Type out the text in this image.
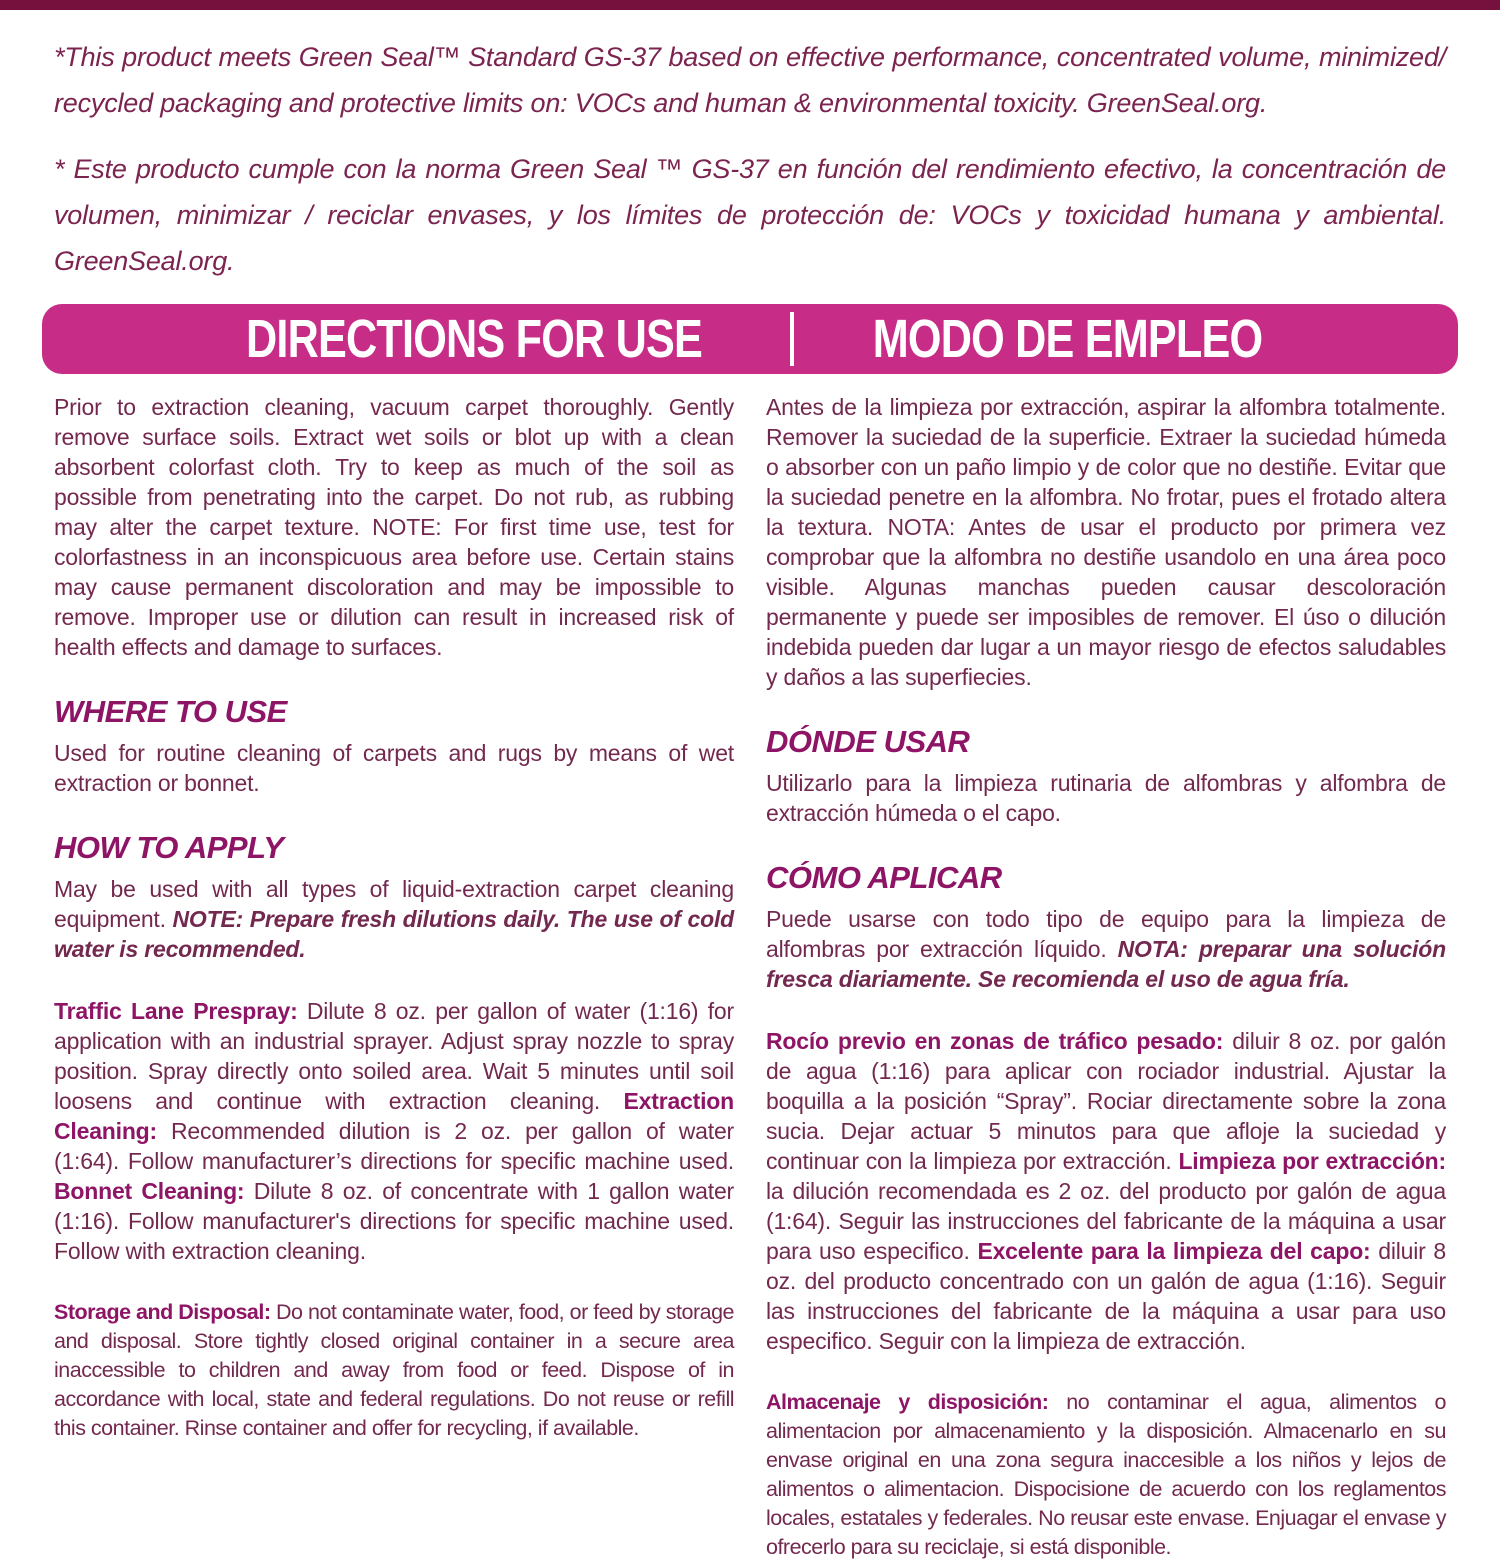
*This product meets Green Seal™ Standard GS-37 based on effective performance, concentrated volume, minimized/ recycled packaging and protective limits on: VOCs and human & environmental toxicity. GreenSeal.org.

* Este producto cumple con la norma Green Seal ™ GS-37 en función del rendimiento efectivo, la concentración de volumen, minimizar / reciclar envases, y los límites de protección de: VOCs y toxicidad humana y ambiental. GreenSeal.org.

DIRECTIONS FOR USE	MODO DE EMPLEO

Prior to extraction cleaning, vacuum carpet thoroughly. Gently remove surface soils. Extract wet soils or blot up with a clean absorbent colorfast cloth. Try to keep as much of the soil as possible from penetrating into the carpet. Do not rub, as rubbing may alter the carpet texture. NOTE: For first time use, test for colorfastness in an inconspicuous area before use. Certain stains may cause permanent discoloration and may be impossible to remove. Improper use or dilution can result in increased risk of health effects and damage to surfaces.

WHERE TO USE

Used for routine cleaning of carpets and rugs by means of wet extraction or bonnet.

HOW TO APPLY

May be used with all types of liquid-extraction carpet cleaning equipment. NOTE: Prepare fresh dilutions daily. The use of cold water is recommended.

Traffic Lane Prespray: Dilute 8 oz. per gallon of water (1:16) for application with an industrial sprayer. Adjust spray nozzle to spray position. Spray directly onto soiled area. Wait 5 minutes until soil loosens and continue with extraction cleaning. Extraction Cleaning: Recommended dilution is 2 oz. per gallon of water (1:64). Follow manufacturer’s directions for specific machine used. Bonnet Cleaning: Dilute 8 oz. of concentrate with 1 gallon water (1:16). Follow manufacturer's directions for specific machine used. Follow with extraction cleaning.

Storage and Disposal: Do not contaminate water, food, or feed by storage and disposal. Store tightly closed original container in a secure area inaccessible to children and away from food or feed. Dispose of in accordance with local, state and federal regulations. Do not reuse or refill this container. Rinse container and offer for recycling, if available.

Antes de la limpieza por extracción, aspirar la alfombra totalmente. Remover la suciedad de la superficie. Extraer la suciedad húmeda o absorber con un paño limpio y de color que no destiñe. Evitar que la suciedad penetre en la alfombra. No frotar, pues el frotado altera la textura. NOTA: Antes de usar el producto por primera vez comprobar que la alfombra no destiñe usandolo en una área poco visible. Algunas manchas pueden causar descoloración permanente y puede ser imposibles de remover. El úso o dilución indebida pueden dar lugar a un mayor riesgo de efectos saludables y daños a las superfiecies.

DÓNDE USAR

Utilizarlo para la limpieza rutinaria de alfombras y alfombra de extracción húmeda o el capo.

CÓMO APLICAR

Puede usarse con todo tipo de equipo para la limpieza de alfombras por extracción líquido. NOTA: preparar una solución fresca diariamente. Se recomienda el uso de agua fría.

Rocío previo en zonas de tráfico pesado: diluir 8 oz. por galón de agua (1:16) para aplicar con rociador industrial. Ajustar la boquilla a la posición “Spray”. Rociar directamente sobre la zona sucia. Dejar actuar 5 minutos para que afloje la suciedad y continuar con la limpieza por extracción. Limpieza por extracción: la dilución recomendada es 2 oz. del producto por galón de agua (1:64). Seguir las instrucciones del fabricante de la máquina a usar para uso especifico. Excelente para la limpieza del capo: diluir 8 oz. del producto concentrado con un galón de agua (1:16). Seguir las instrucciones del fabricante de la máquina a usar para uso especifico. Seguir con la limpieza de extracción.

Almacenaje y disposición: no contaminar el agua, alimentos o alimentacion por almacenamiento y la disposición. Almacenarlo en su envase original en una zona segura inaccesible a los niños y lejos de alimentos o alimentacion. Dispocisione de acuerdo con los reglamentos locales, estatales y federales. No reusar este envase. Enjuagar el envase y ofrecerlo para su reciclaje, si está disponible.
